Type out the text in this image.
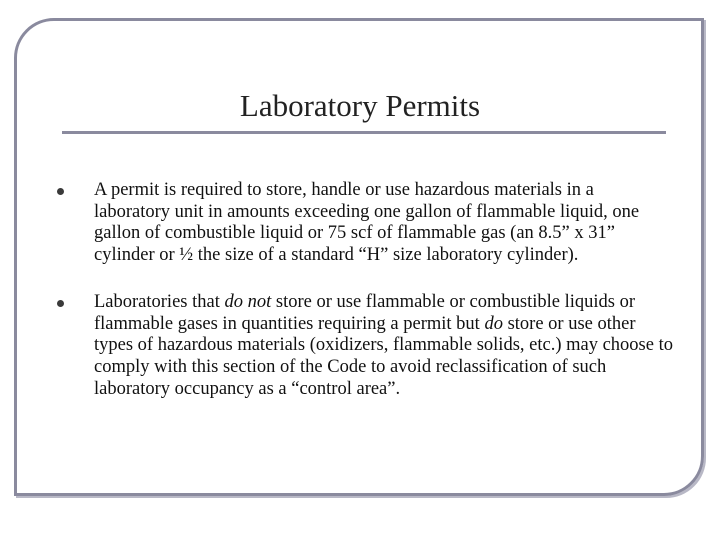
Laboratory Permits
A permit is required to store, handle or use hazardous materials in a laboratory unit in amounts exceeding one gallon of flammable liquid, one gallon of combustible liquid or 75 scf of flammable gas (an 8.5” x 31” cylinder or ½ the size of a standard “H” size laboratory cylinder).
Laboratories that do not store or use flammable or combustible liquids or flammable gases in quantities requiring a permit but do store or use other types of hazardous materials (oxidizers, flammable solids, etc.) may choose to comply with this section of the Code to avoid reclassification of such laboratory occupancy as a “control area”.
